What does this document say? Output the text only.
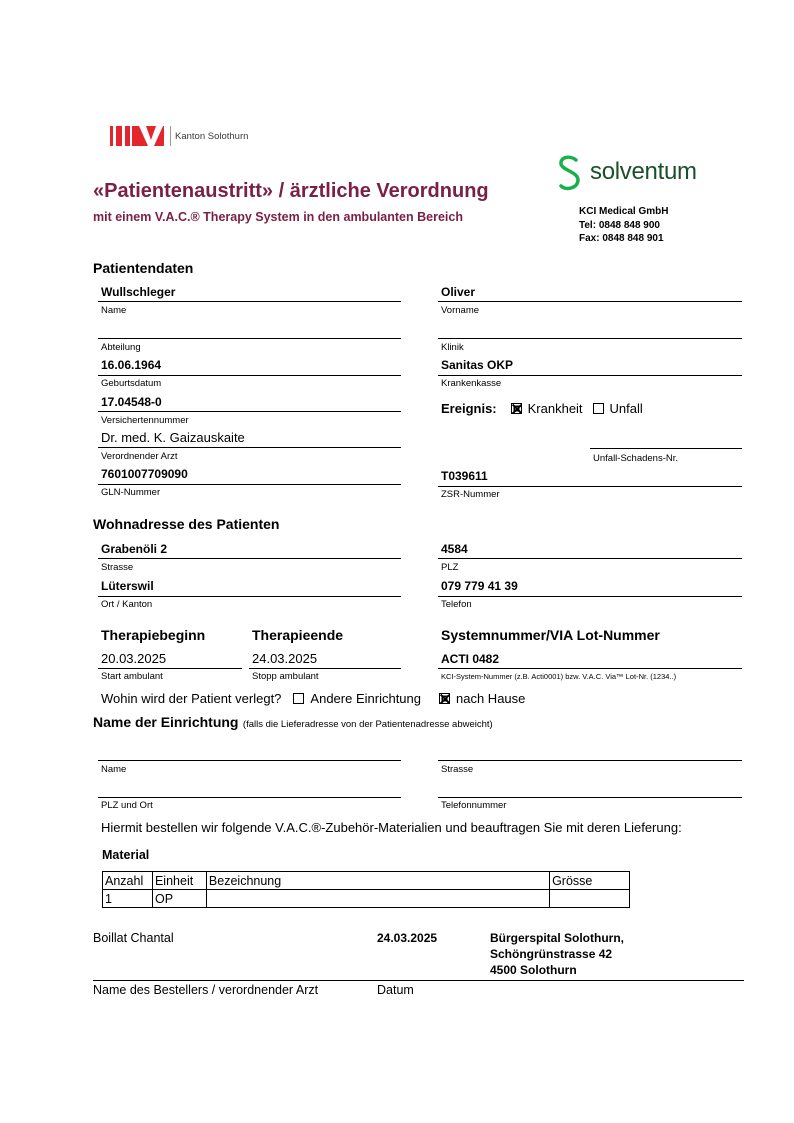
Kanton Solothurn
solventum
«Patientenaustritt» / ärztliche Verordnung
mit einem V.A.C.® Therapy System in den ambulanten Bereich	KCI Medical GmbH
Tel: 0848 848 900
Fax: 0848 848 901
Patientendaten
Wullschleger
Name
Oliver
Vorname
Abteilung	Klinik
16.06.1964
Geburtsdatum
Sanitas OKP
Krankenkasse
17.04548-0
Versichertennummer
Ereignis: Krankheit Unfall
Dr. med. K. Gaizauskaite
Verordnender Arzt	Unfall-Schadens-Nr.
7601007709090
GLN-Nummer
T039611
ZSR-Nummer
Wohnadresse des Patienten
Grabenöli 2
Strasse
4584
PLZ
Lüterswil
Ort / Kanton
079 779 41 39
Telefon
Therapiebeginn	Therapieende	Systemnummer/VIA Lot-Nummer
20.03.2025
Start ambulant
24.03.2025
Stopp ambulant
ACTI 0482
KCI-System-Nummer (z.B. Acti0001) bzw. V.A.C. Via™ Lot-Nr. (1234..)
Wohin wird der Patient verlegt? Andere Einrichtung	nach Hause
Name der Einrichtung (falls die Lieferadresse von der Patientenadresse abweicht)
Name	Strasse
PLZ und Ort	Telefonnummer
Hiermit bestellen wir folgende V.A.C.®-Zubehör-Materialien und beauftragen Sie mit deren Lieferung:
Material
Anzahl	Einheit	Bezeichnung	Grösse
1	OP		
Boillat Chantal	24.03.2025	Bürgerspital Solothurn,
Schöngrünstrasse 42
4500 Solothurn
Name des Bestellers / verordnender Arzt	Datum
